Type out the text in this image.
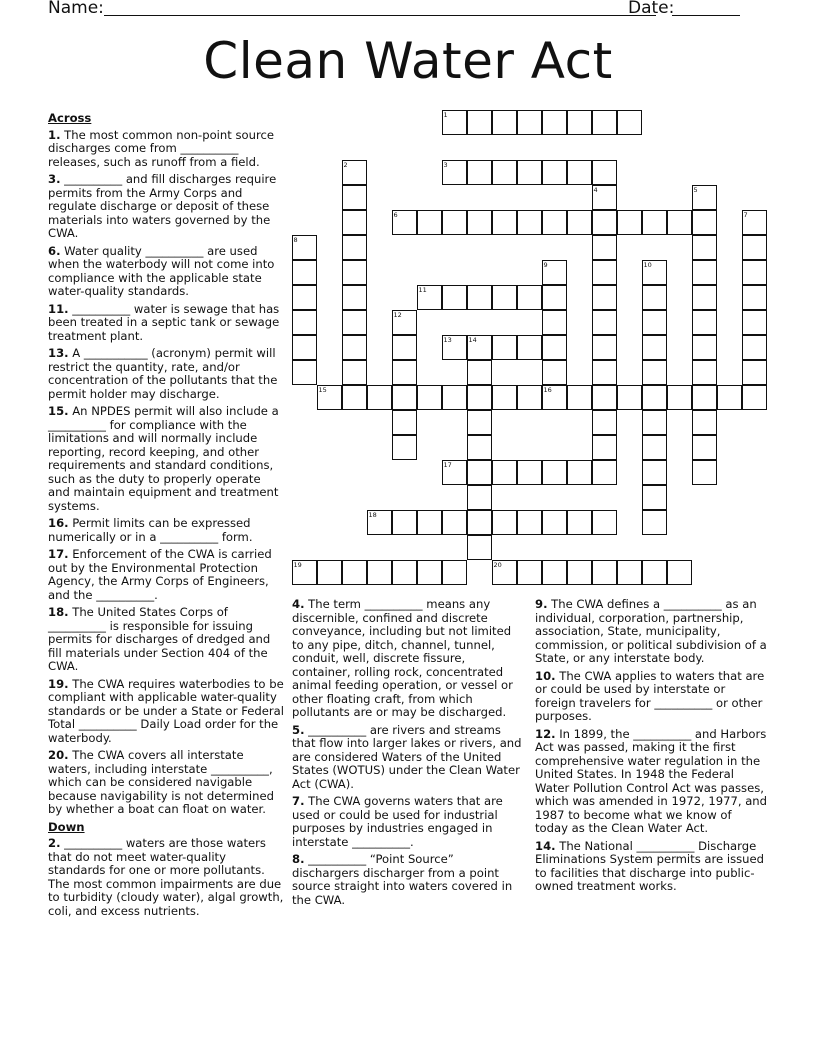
Name:	Date:
Clean Water Act
1
2	3
4	5
6	7
8
9	10
11
12
13	14
15	16
17
18
19	20
Across
1. The most common non-point source discharges come from __________ releases, such as runoff from a field.
3. __________ and fill discharges require permits from the Army Corps and regulate discharge or deposit of these materials into waters governed by the CWA.
6. Water quality __________ are used when the waterbody will not come into compliance with the applicable state water-quality standards.
11. __________ water is sewage that has been treated in a septic tank or sewage treatment plant.
13. A ___________ (acronym) permit will restrict the quantity, rate, and/or concentration of the pollutants that the permit holder may discharge.
15. An NPDES permit will also include a __________ for compliance with the limitations and will normally include reporting, record keeping, and other requirements and standard conditions, such as the duty to properly operate and maintain equipment and treatment systems.
16. Permit limits can be expressed numerically or in a __________ form.
17. Enforcement of the CWA is carried out by the Environmental Protection Agency, the Army Corps of Engineers, and the __________.
18. The United States Corps of __________ is responsible for issuing permits for discharges of dredged and fill materials under Section 404 of the CWA.
19. The CWA requires waterbodies to be compliant with applicable water-quality standards or be under a State or Federal Total __________ Daily Load order for the waterbody.
20. The CWA covers all interstate waters, including interstate __________, which can be considered navigable because navigability is not determined by whether a boat can float on water.
Down
2. __________ waters are those waters that do not meet water-quality standards for one or more pollutants. The most common impairments are due to turbidity (cloudy water), algal growth, coli, and excess nutrients.
4. The term __________ means any discernible, confined and discrete conveyance, including but not limited to any pipe, ditch, channel, tunnel, conduit, well, discrete fissure, container, rolling rock, concentrated animal feeding operation, or vessel or other floating craft, from which pollutants are or may be discharged.
5. __________ are rivers and streams that flow into larger lakes or rivers, and are considered Waters of the United States (WOTUS) under the Clean Water Act (CWA).
7. The CWA governs waters that are used or could be used for industrial purposes by industries engaged in interstate __________.
8. __________ “Point Source” dischargers discharger from a point source straight into waters covered in the CWA.
9. The CWA defines a __________ as an individual, corporation, partnership, association, State, municipality, commission, or political subdivision of a State, or any interstate body.
10. The CWA applies to waters that are or could be used by interstate or foreign travelers for __________ or other purposes.
12. In 1899, the __________ and Harbors Act was passed, making it the first comprehensive water regulation in the United States. In 1948 the Federal Water Pollution Control Act was passes, which was amended in 1972, 1977, and 1987 to become what we know of today as the Clean Water Act.
14. The National __________ Discharge Eliminations System permits are issued to facilities that discharge into public-owned treatment works.
